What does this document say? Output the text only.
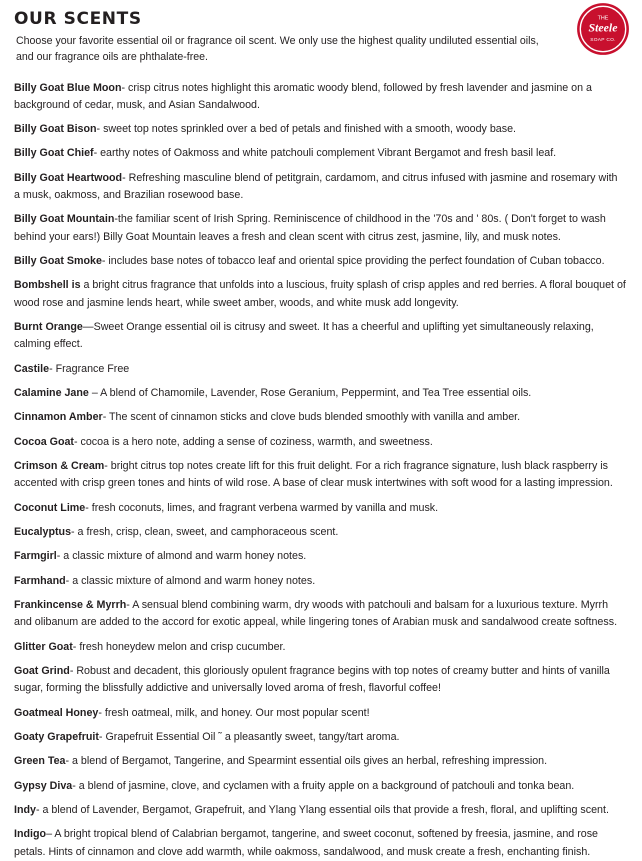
OUR SCENTS

Choose your favorite essential oil or fragrance oil scent. We only use the highest quality undiluted essential oils, and our fragrance oils are phthalate-free.

THE
Steele
SOAP CO.

Billy Goat Blue Moon- crisp citrus notes highlight this aromatic woody blend, followed by fresh lavender and jasmine on a background of cedar, musk, and Asian Sandalwood.

Billy Goat Bison- sweet top notes sprinkled over a bed of petals and finished with a smooth, woody base.

Billy Goat Chief- earthy notes of Oakmoss and white patchouli complement Vibrant Bergamot and fresh basil leaf.

Billy Goat Heartwood- Refreshing masculine blend of petitgrain, cardamom, and citrus infused with jasmine and rosemary with a musk, oakmoss, and Brazilian rosewood base.

Billy Goat Mountain-the familiar scent of Irish Spring. Reminiscence of childhood in the '70s and ' 80s. ( Don't forget to wash behind your ears!) Billy Goat Mountain leaves a fresh and clean scent with citrus zest, jasmine, lily, and musk notes.

Billy Goat Smoke- includes base notes of tobacco leaf and oriental spice providing the perfect foundation of Cuban tobacco.

Bombshell is a bright citrus fragrance that unfolds into a luscious, fruity splash of crisp apples and red berries. A floral bouquet of wood rose and jasmine lends heart, while sweet amber, woods, and white musk add longevity.

Burnt Orange—Sweet Orange essential oil is citrusy and sweet. It has a cheerful and uplifting yet simultaneously relaxing, calming effect.

Castile- Fragrance Free

Calamine Jane – A blend of Chamomile, Lavender, Rose Geranium, Peppermint, and Tea Tree essential oils.

Cinnamon Amber- The scent of cinnamon sticks and clove buds blended smoothly with vanilla and amber.

Cocoa Goat- cocoa is a hero note, adding a sense of coziness, warmth, and sweetness.

Crimson & Cream- bright citrus top notes create lift for this fruit delight. For a rich fragrance signature, lush black raspberry is accented with crisp green tones and hints of wild rose. A base of clear musk intertwines with soft wood for a lasting impression.

Coconut Lime- fresh coconuts, limes, and fragrant verbena warmed by vanilla and musk.

Eucalyptus- a fresh, crisp, clean, sweet, and camphoraceous scent.

Farmgirl- a classic mixture of almond and warm honey notes.

Farmhand- a classic mixture of almond and warm honey notes.

Frankincense & Myrrh- A sensual blend combining warm, dry woods with patchouli and balsam for a luxurious texture. Myrrh and olibanum are added to the accord for exotic appeal, while lingering tones of Arabian musk and sandalwood create softness.

Glitter Goat- fresh honeydew melon and crisp cucumber.

Goat Grind- Robust and decadent, this gloriously opulent fragrance begins with top notes of creamy butter and hints of vanilla sugar, forming the blissfully addictive and universally loved aroma of fresh, flavorful coffee!

Goatmeal Honey- fresh oatmeal, milk, and honey. Our most popular scent!

Goaty Grapefruit- Grapefruit Essential Oil ˜ a pleasantly sweet, tangy/tart aroma.

Green Tea- a blend of Bergamot, Tangerine, and Spearmint essential oils gives an herbal, refreshing impression.

Gypsy Diva- a blend of jasmine, clove, and cyclamen with a fruity apple on a background of patchouli and tonka bean.

Indy- a blend of Lavender, Bergamot, Grapefruit, and Ylang Ylang essential oils that provide a fresh, floral, and uplifting scent.

Indigo– A bright tropical blend of Calabrian bergamot, tangerine, and sweet coconut, softened by freesia, jasmine, and rose petals. Hints of cinnamon and clove add warmth, while oakmoss, sandalwood, and musk create a fresh, enchanting finish.
